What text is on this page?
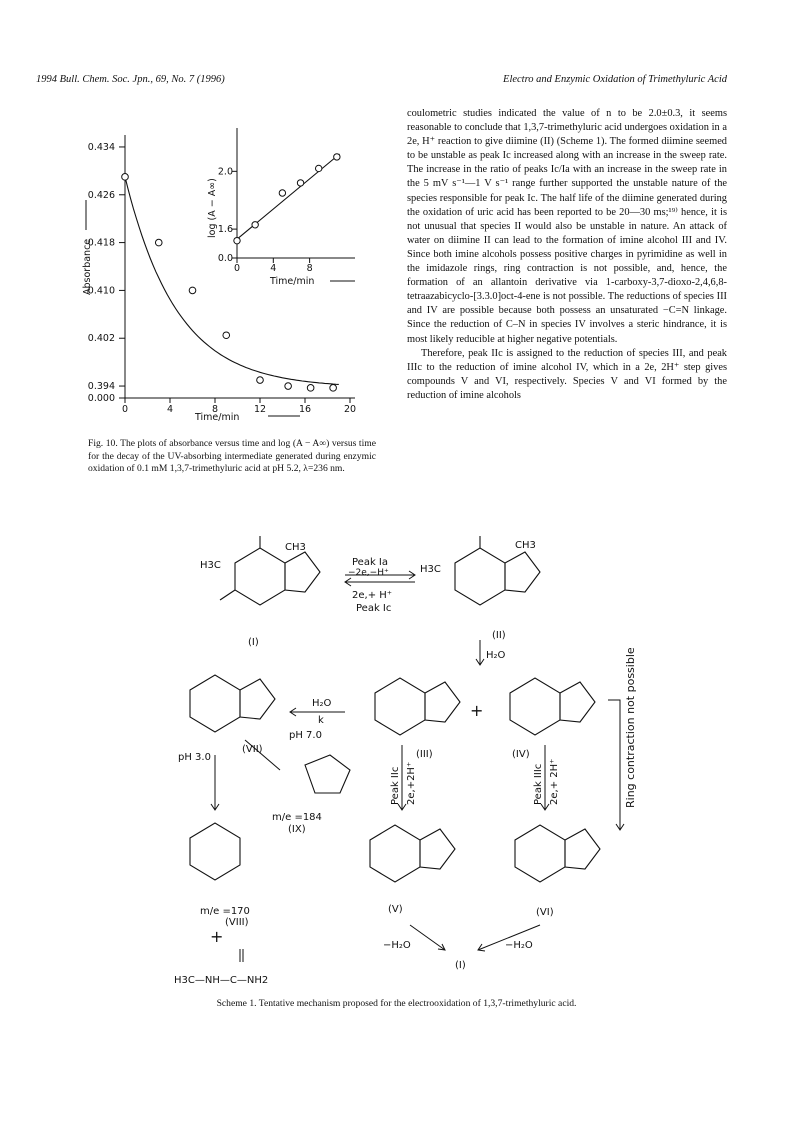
1994 Bull. Chem. Soc. Jpn., 69, No. 7 (1996)	Electro and Enzymic Oxidation of Trimethyluric Acid

coulometric studies indicated the value of n to be 2.0±0.3, it seems reasonable to conclude that 1,3,7-trimethyluric acid undergoes oxidation in a 2e, H⁺ reaction to give diimine (II) (Scheme 1). The formed diimine seemed to be unstable as peak Ic increased along with an increase in the sweep rate. The increase in the ratio of peaks Ic/Ia with an increase in the sweep rate in the 5 mV s⁻¹—1 V s⁻¹ range further supported the unstable nature of the species responsible for peak Ic. The half life of the diimine generated during the oxidation of uric acid has been reported to be 20—30 ms;¹⁹⁾ hence, it is not unusual that species II would also be unstable in nature. An attack of water on diimine II can lead to the formation of imine alcohol III and IV. Since both imine alcohols possess positive charges in pyrimidine as well in the imidazole rings, ring contraction is not possible, and, hence, the formation of an allantoin derivative via 1-carboxy-3,7-dioxo-2,4,6,8-tetraazabicyclo-[3.3.0]oct-4-ene is not possible. The reductions of species III and IV are possible because both possess an unsaturated −C=N linkage. Since the reduction of C–N in species IV involves a steric hindrance, it is most likely reducible at higher negative potentials.

Therefore, peak IIc is assigned to the reduction of species III, and peak IIIc to the reduction of imine alcohol IV, which in a 2e, 2H⁺ step gives compounds V and VI, respectively. Species V and VI formed by the reduction of imine alcohols

0.000
0.394
0.402
0.410
0.418
0.426
0.434
0	4	8	12	16	20
Time/min
Absorbance	0.0
1.6
2.0
0	4	8
Time/min
log (A − A∞)
Fig. 10. The plots of absorbance versus time and log (A − A∞) versus time for the decay of the UV-absorbing intermediate generated during enzymic oxidation of 0.1 mM 1,3,7-trimethyluric acid at pH 5.2, λ=236 nm.
H3C
CH3
H3C
CH3
(I)
(II)
(III)	(IV)
(V)	(VI)
(VII)
(VIII)
(IX)
(I)
Peak Ia
−2e,−H⁺
2e,+ H⁺
Peak Ic
H₂O
H₂O
k
pH 7.0
pH 3.0
Peak IIc 2e,+2H⁺	Peak IIIc 2e,+ 2H⁺	Ring contraction not possible
−H₂O	−H₂O
m/e =184
m/e =170
H3C—NH—C—NH2
+
+
Scheme 1. Tentative mechanism proposed for the electrooxidation of 1,3,7-trimethyluric acid.
